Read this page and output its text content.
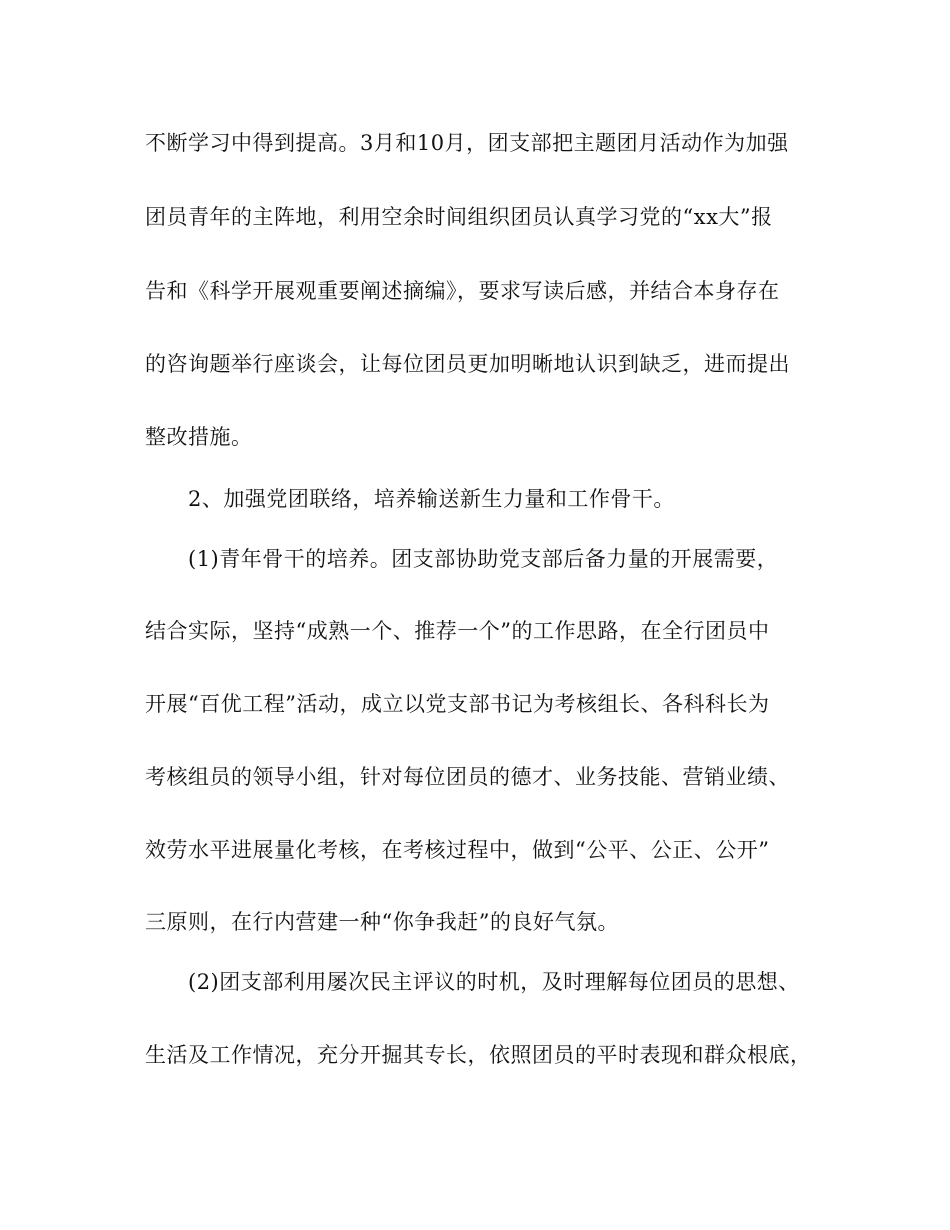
不断学习中得到提高。3月和10月，团支部把主题团月活动作为加强
团员青年的主阵地，利用空余时间组织团员认真学习党的“xx大”报
告和《科学开展观重要阐述摘编》，要求写读后感，并结合本身存在
的咨询题举行座谈会，让每位团员更加明晰地认识到缺乏，进而提出
整改措施。
2、加强党团联络，培养输送新生力量和工作骨干。
(1)青年骨干的培养。团支部协助党支部后备力量的开展需要，
结合实际，坚持“成熟一个、推荐一个”的工作思路，在全行团员中
开展“百优工程”活动，成立以党支部书记为考核组长、各科科长为
考核组员的领导小组，针对每位团员的德才、业务技能、营销业绩、
效劳水平进展量化考核，在考核过程中，做到“公平、公正、公开”
三原则，在行内营建一种“你争我赶”的良好气氛。
(2)团支部利用屡次民主评议的时机，及时理解每位团员的思想、
生活及工作情况，充分开掘其专长，依照团员的平时表现和群众根底，
